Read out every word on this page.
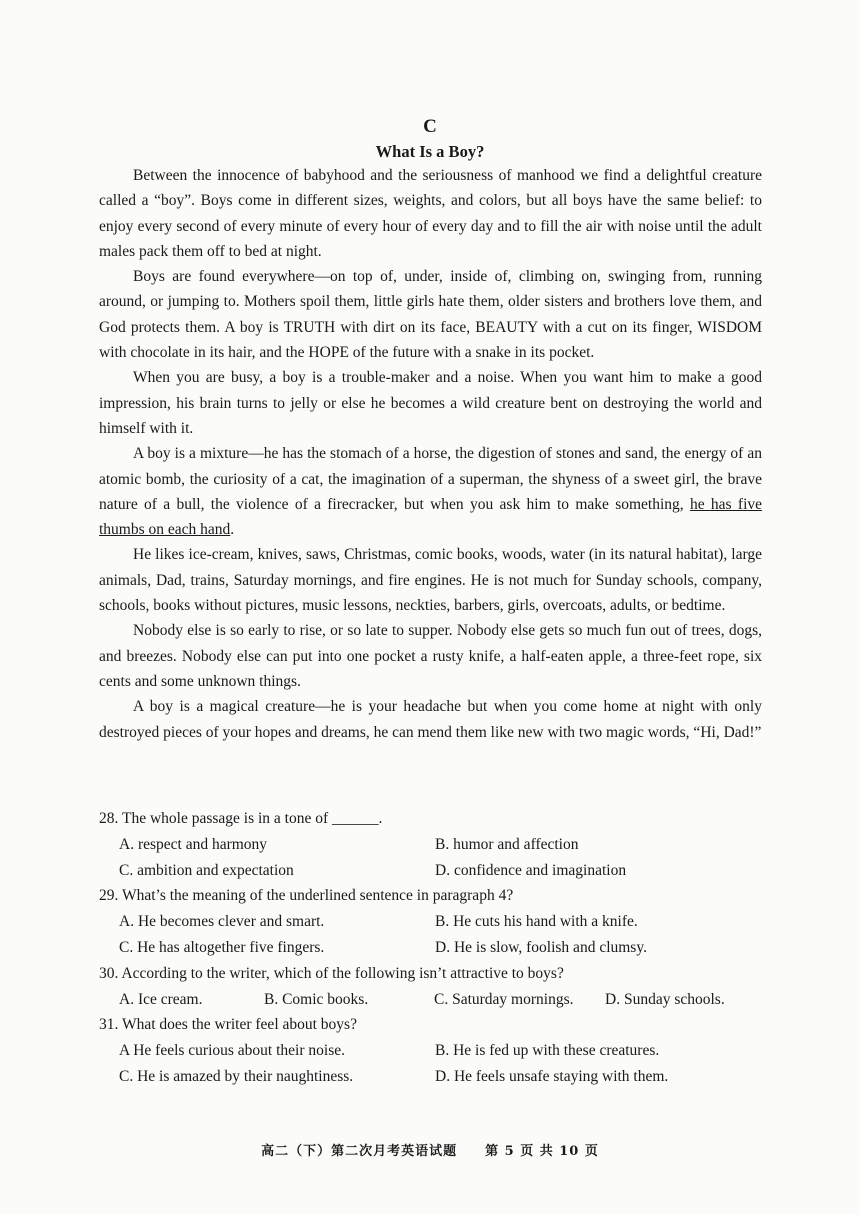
C
What Is a Boy?

Between the innocence of babyhood and the seriousness of manhood we find a delightful creature called a “boy”. Boys come in different sizes, weights, and colors, but all boys have the same belief: to enjoy every second of every minute of every hour of every day and to fill the air with noise until the adult males pack them off to bed at night.

Boys are found everywhere—on top of, under, inside of, climbing on, swinging from, running around, or jumping to. Mothers spoil them, little girls hate them, older sisters and brothers love them, and God protects them. A boy is TRUTH with dirt on its face, BEAUTY with a cut on its finger, WISDOM with chocolate in its hair, and the HOPE of the future with a snake in its pocket.

When you are busy, a boy is a trouble-maker and a noise. When you want him to make a good impression, his brain turns to jelly or else he becomes a wild creature bent on destroying the world and himself with it.

A boy is a mixture—he has the stomach of a horse, the digestion of stones and sand, the energy of an atomic bomb, the curiosity of a cat, the imagination of a superman, the shyness of a sweet girl, the brave nature of a bull, the violence of a firecracker, but when you ask him to make something, he has five thumbs on each hand.

He likes ice-cream, knives, saws, Christmas, comic books, woods, water (in its natural habitat), large animals, Dad, trains, Saturday mornings, and fire engines. He is not much for Sunday schools, company, schools, books without pictures, music lessons, neckties, barbers, girls, overcoats, adults, or bedtime.

Nobody else is so early to rise, or so late to supper. Nobody else gets so much fun out of trees, dogs, and breezes. Nobody else can put into one pocket a rusty knife, a half-eaten apple, a three-feet rope, six cents and some unknown things.

A boy is a magical creature—he is your headache but when you come home at night with only destroyed pieces of your hopes and dreams, he can mend them like new with two magic words, “Hi, Dad!”

28. The whole passage is in a tone of ______.
A. respect and harmony	B. humor and affection
C. ambition and expectation	D. confidence and imagination
29. What’s the meaning of the underlined sentence in paragraph 4?
A. He becomes clever and smart.	B. He cuts his hand with a knife.
C. He has altogether five fingers.	D. He is slow, foolish and clumsy.
30. According to the writer, which of the following isn’t attractive to boys?
A. Ice cream.	B. Comic books.	C. Saturday mornings.	D. Sunday schools.
31. What does the writer feel about boys?
A He feels curious about their noise.	B. He is fed up with these creatures.
C. He is amazed by their naughtiness.	D. He feels unsafe staying with them.
高二（下）第二次月考英语试题　　第 5 页 共 10 页
